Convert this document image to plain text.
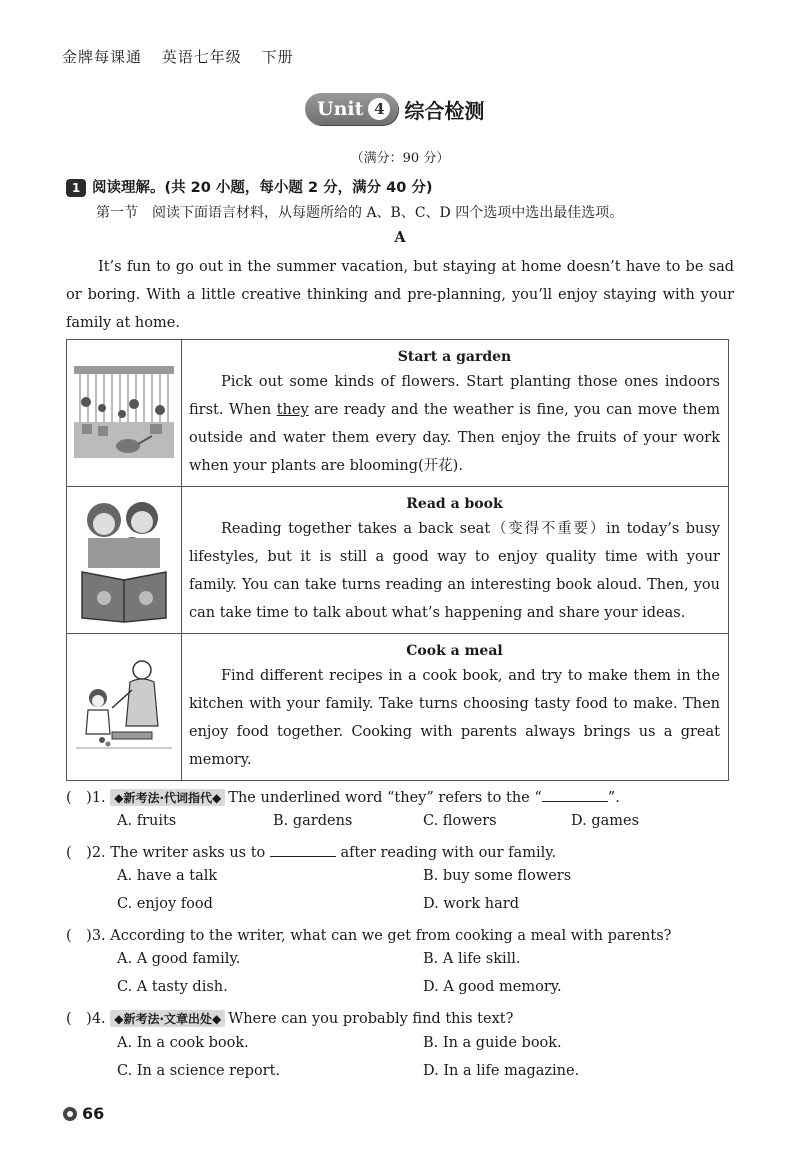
金牌每课通 英语七年级 下册
Unit 4 综合检测
（满分：90 分）
1 阅读理解。(共 20 小题，每小题 2 分，满分 40 分)
第一节　阅读下面语言材料，从每题所给的 A、B、C、D 四个选项中选出最佳选项。
A
It’s fun to go out in the summer vacation, but staying at home doesn’t have to be sad or boring. With a little creative thinking and pre-planning, you’ll enjoy staying with your family at home.

Start a garden
Pick out some kinds of flowers. Start planting those ones indoors first. When they are ready and the weather is fine, you can move them outside and water them every day. Then enjoy the fruits of your work when your plants are blooming(开花).

Read a book
Reading together takes a back seat（变得不重要）in today’s busy lifestyles, but it is still a good way to enjoy quality time with your family. You can take turns reading an interesting book aloud. Then, you can take time to talk about what’s happening and share your ideas.

Cook a meal
Find different recipes in a cook book, and try to make them in the kitchen with your family. Take turns choosing tasty food to make. Then enjoy food together. Cooking with parents always brings us a great memory.
(　)1. ◆新考法·代词指代◆ The underlined word “they” refers to the “	”.
A. fruits	B. gardens	C. flowers	D. games
(　)2. The writer asks us to	after reading with our family.
A. have a talk	B. buy some flowers
C. enjoy food	D. work hard
(　)3. According to the writer, what can we get from cooking a meal with parents?
A. A good family.	B. A life skill.
C. A tasty dish.	D. A good memory.
(　)4. ◆新考法·文章出处◆ Where can you probably find this text?
A. In a cook book.	B. In a guide book.
C. In a science report.	D. In a life magazine.
66
